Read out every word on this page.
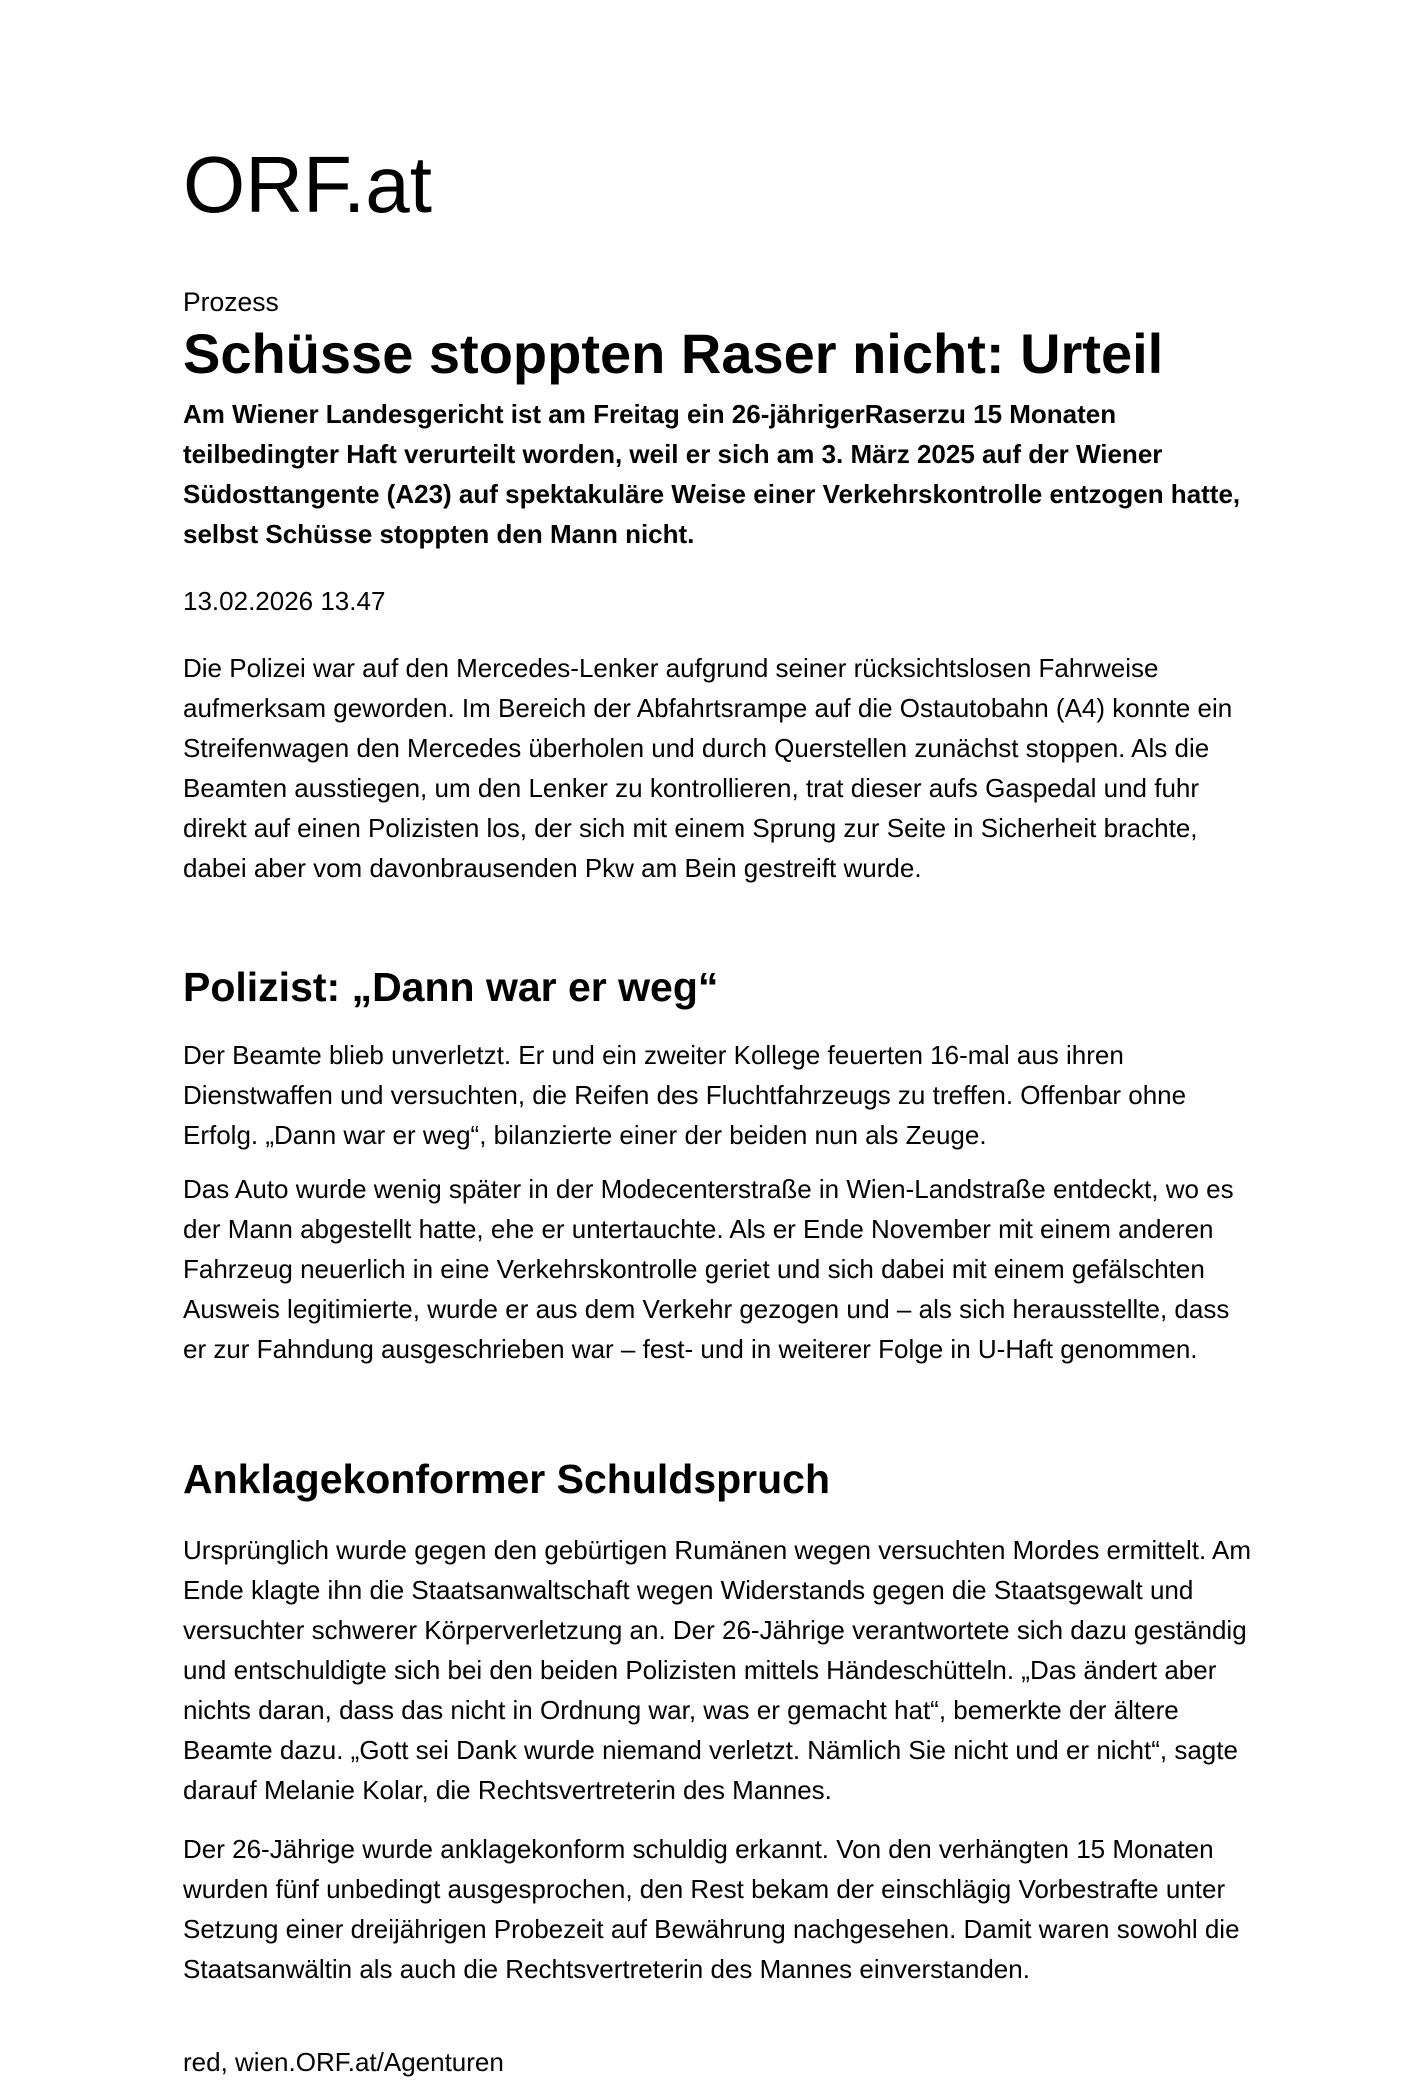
ORF.at
Prozess
Schüsse stoppten Raser nicht: Urteil

Am Wiener Landesgericht ist am Freitag ein 26-jährigerRaserzu 15 Monaten teilbedingter Haft verurteilt worden, weil er sich am 3. März 2025 auf der Wiener Südosttangente (A23) auf spektakuläre Weise einer Verkehrskontrolle entzogen hatte, selbst Schüsse stoppten den Mann nicht.

13.02.2026 13.47

Die Polizei war auf den Mercedes-Lenker aufgrund seiner rücksichtslosen Fahrweise aufmerksam geworden. Im Bereich der Abfahrtsrampe auf die Ostautobahn (A4) konnte ein Streifenwagen den Mercedes überholen und durch Querstellen zunächst stoppen. Als die Beamten ausstiegen, um den Lenker zu kontrollieren, trat dieser aufs Gaspedal und fuhr direkt auf einen Polizisten los, der sich mit einem Sprung zur Seite in Sicherheit brachte, dabei aber vom davonbrausenden Pkw am Bein gestreift wurde.

Polizist: „Dann war er weg“

Der Beamte blieb unverletzt. Er und ein zweiter Kollege feuerten 16-mal aus ihren Dienstwaffen und versuchten, die Reifen des Fluchtfahrzeugs zu treffen. Offenbar ohne Erfolg. „Dann war er weg“, bilanzierte einer der beiden nun als Zeuge.

Das Auto wurde wenig später in der Modecenterstraße in Wien-Landstraße entdeckt, wo es der Mann abgestellt hatte, ehe er untertauchte. Als er Ende November mit einem anderen Fahrzeug neuerlich in eine Verkehrskontrolle geriet und sich dabei mit einem gefälschten Ausweis legitimierte, wurde er aus dem Verkehr gezogen und – als sich herausstellte, dass er zur Fahndung ausgeschrieben war – fest- und in weiterer Folge in U-Haft genommen.

Anklagekonformer Schuldspruch

Ursprünglich wurde gegen den gebürtigen Rumänen wegen versuchten Mordes ermittelt. Am Ende klagte ihn die Staatsanwaltschaft wegen Widerstands gegen die Staatsgewalt und versuchter schwerer Körperverletzung an. Der 26-Jährige verantwortete sich dazu geständig und entschuldigte sich bei den beiden Polizisten mittels Händeschütteln. „Das ändert aber nichts daran, dass das nicht in Ordnung war, was er gemacht hat“, bemerkte der ältere Beamte dazu. „Gott sei Dank wurde niemand verletzt. Nämlich Sie nicht und er nicht“, sagte darauf Melanie Kolar, die Rechtsvertreterin des Mannes.

Der 26-Jährige wurde anklagekonform schuldig erkannt. Von den verhängten 15 Monaten wurden fünf unbedingt ausgesprochen, den Rest bekam der einschlägig Vorbestrafte unter Setzung einer dreijährigen Probezeit auf Bewährung nachgesehen. Damit waren sowohl die Staatsanwältin als auch die Rechtsvertreterin des Mannes einverstanden.

red, wien.ORF.at/Agenturen
